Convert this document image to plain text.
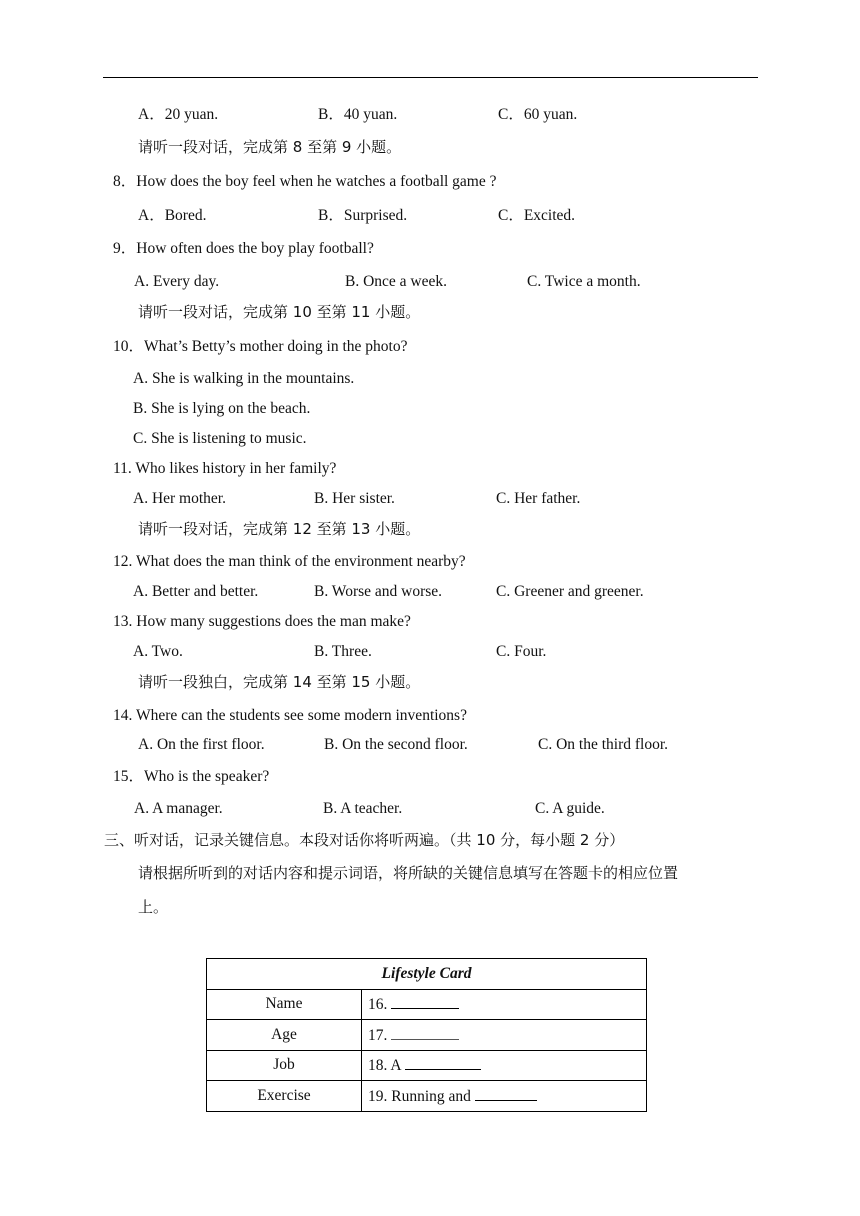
A．20 yuan.	B．40 yuan.	C．60 yuan.
请听一段对话，完成第 8 至第 9 小题。
8．How does the boy feel when he watches a football game ?
A．Bored.	B．Surprised.	C．Excited.
9．How often does the boy play football?
A. Every day.	B. Once a week.	C. Twice a month.
请听一段对话，完成第 10 至第 11 小题。
10．What’s Betty’s mother doing in the photo?
A. She is walking in the mountains.
B. She is lying on the beach.
C. She is listening to music.
11. Who likes history in her family?
A. Her mother.	B. Her sister.	C. Her father.
请听一段对话，完成第 12 至第 13 小题。
12. What does the man think of the environment nearby?
A. Better and better.	B. Worse and worse.	C. Greener and greener.
13. How many suggestions does the man make?
A. Two.	B. Three.	C. Four.
请听一段独白，完成第 14 至第 15 小题。
14. Where can the students see some modern inventions?
A. On the first floor.	B. On the second floor.	C. On the third floor.
15．Who is the speaker?
A. A manager.	B. A teacher.	C. A guide.
三、听对话，记录关键信息。本段对话你将听两遍。（共 10 分，每小题 2 分）
请根据所听到的对话内容和提示词语，将所缺的关键信息填写在答题卡的相应位置
上。
Lifestyle Card	
Name	16.
Age	17.
Job	18. A
Exercise	19. Running and
